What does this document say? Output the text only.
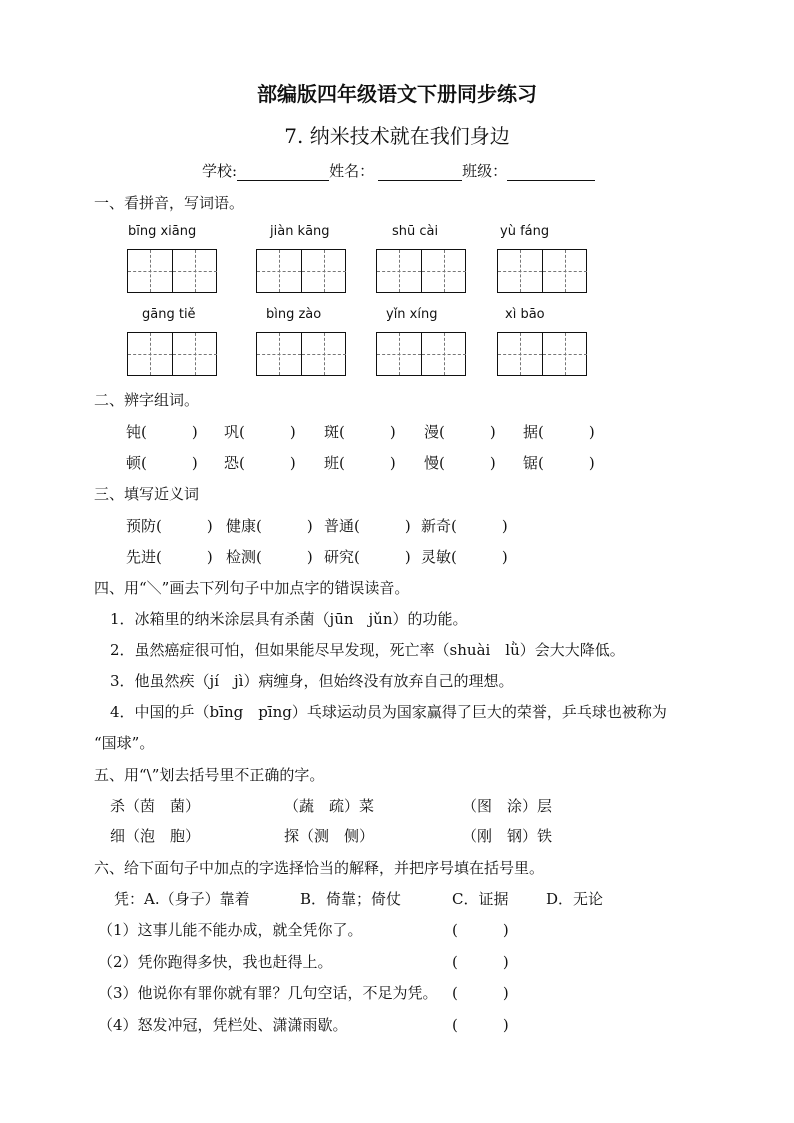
部编版四年级语文下册同步练习
7. 纳米技术就在我们身边
学校:	姓名：	班级：
一、看拼音，写词语。
bīng xiāng	jiàn kāng	shū cài	yù fáng
gāng tiě	bìng zào	yǐn xíng	xì bāo
二、辨字组词。
钝(　　　) 巩(　　　) 斑(　　　) 漫(　　　) 据(　　　)
顿(　　　) 恐(　　　) 班(　　　) 慢(　　　) 锯(　　　)
三、填写近义词
预防(　　　) 健康(　　　) 普通(　　　) 新奇(　　　)
先进(　　　) 检测(　　　) 研究(　　　) 灵敏(　　　)
四、用“＼”画去下列句子中加点字的错误读音。
1．冰箱里的纳米涂层具有杀菌（jūn　jǔn）的功能。
2．虽然癌症很可怕，但如果能尽早发现，死亡率（shuài　lǜ）会大大降低。
3．他虽然疾（jí　jì）病缠身，但始终没有放弃自己的理想。
4．中国的乒（bīng　pīng）乓球运动员为国家赢得了巨大的荣誉，乒乓球也被称为
“国球”。
五、用“\”划去括号里不正确的字。
杀（茵　菌）	（蔬　疏）菜	（图　涂）层
细（泡　胞）	探（测　侧）	（刚　钢）铁
六、给下面句子中加点的字选择恰当的解释，并把序号填在括号里。
凭：A.（身子）靠着	B．倚靠；倚仗	C．证据	D．无论
（1）这事儿能不能办成，就全凭你了。	(　　　)
（2）凭你跑得多快，我也赶得上。	(　　　)
（3）他说你有罪你就有罪？几句空话，不足为凭。 (　　　)
（4）怒发冲冠，凭栏处、潇潇雨歇。	(　　　)
